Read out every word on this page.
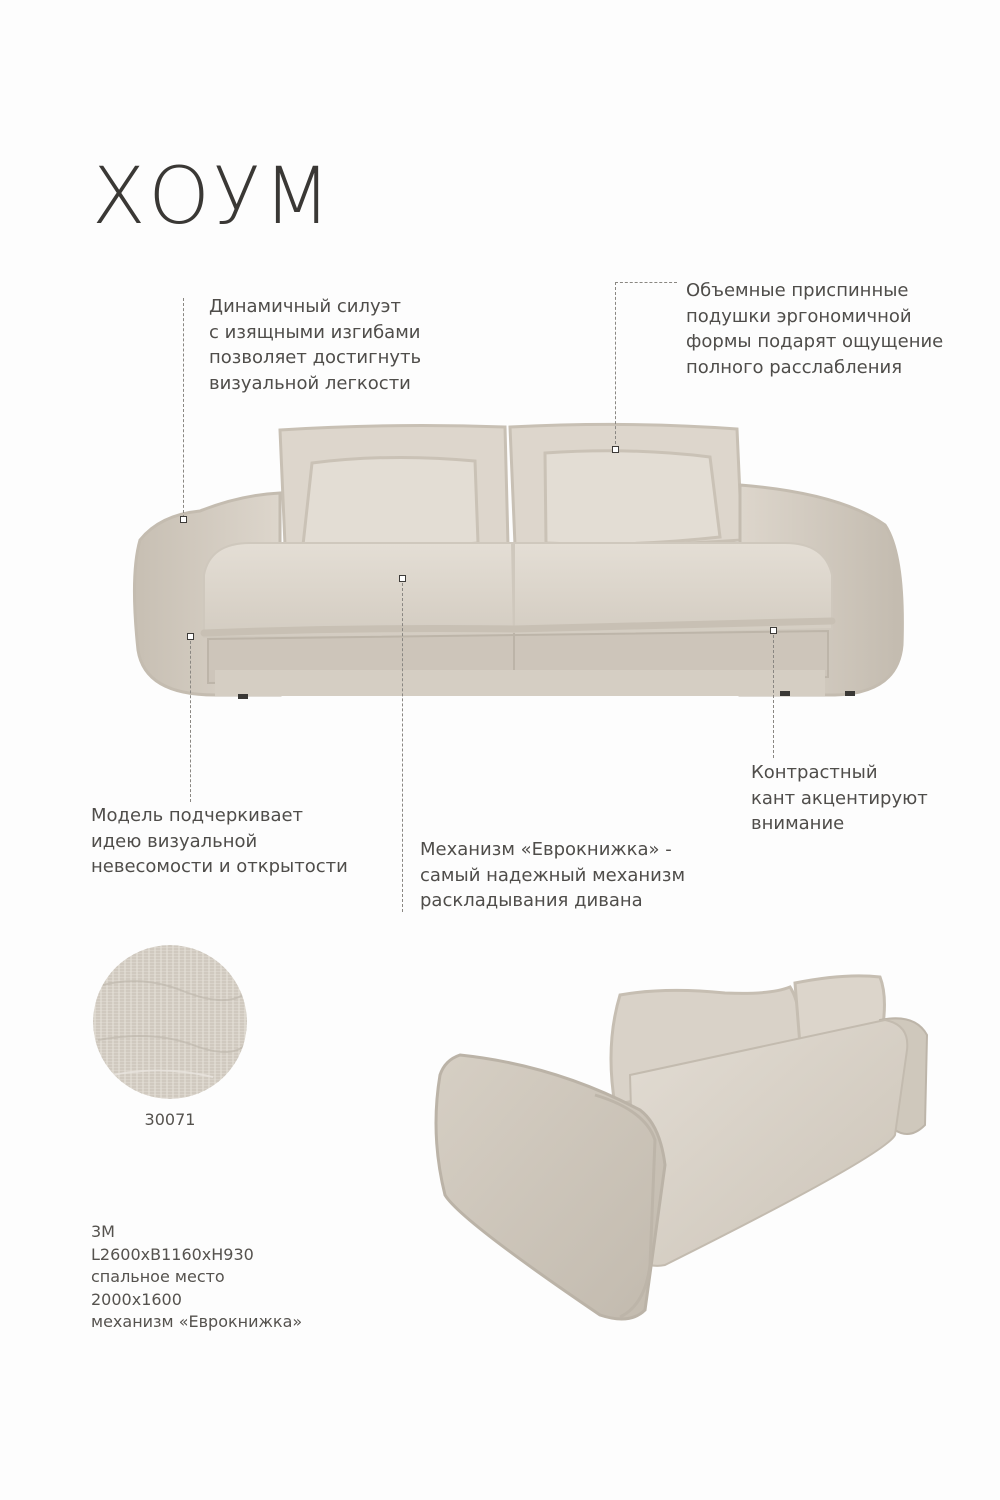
ХОУМ
Динамичный силуэт
с изящными изгибами
позволяет достигнуть
визуальной легкости
Объемные приспинные
подушки эргономичной
формы подарят ощущение
полного расслабления
Модель подчеркивает
идею визуальной
невесомости и открытости
Механизм «Еврокнижка» -
самый надежный механизм
раскладывания дивана
Контрастный
кант акцентируют
внимание
30071
3М
L2600xB1160xH930
спальное место
2000x1600
механизм «Еврокнижка»
